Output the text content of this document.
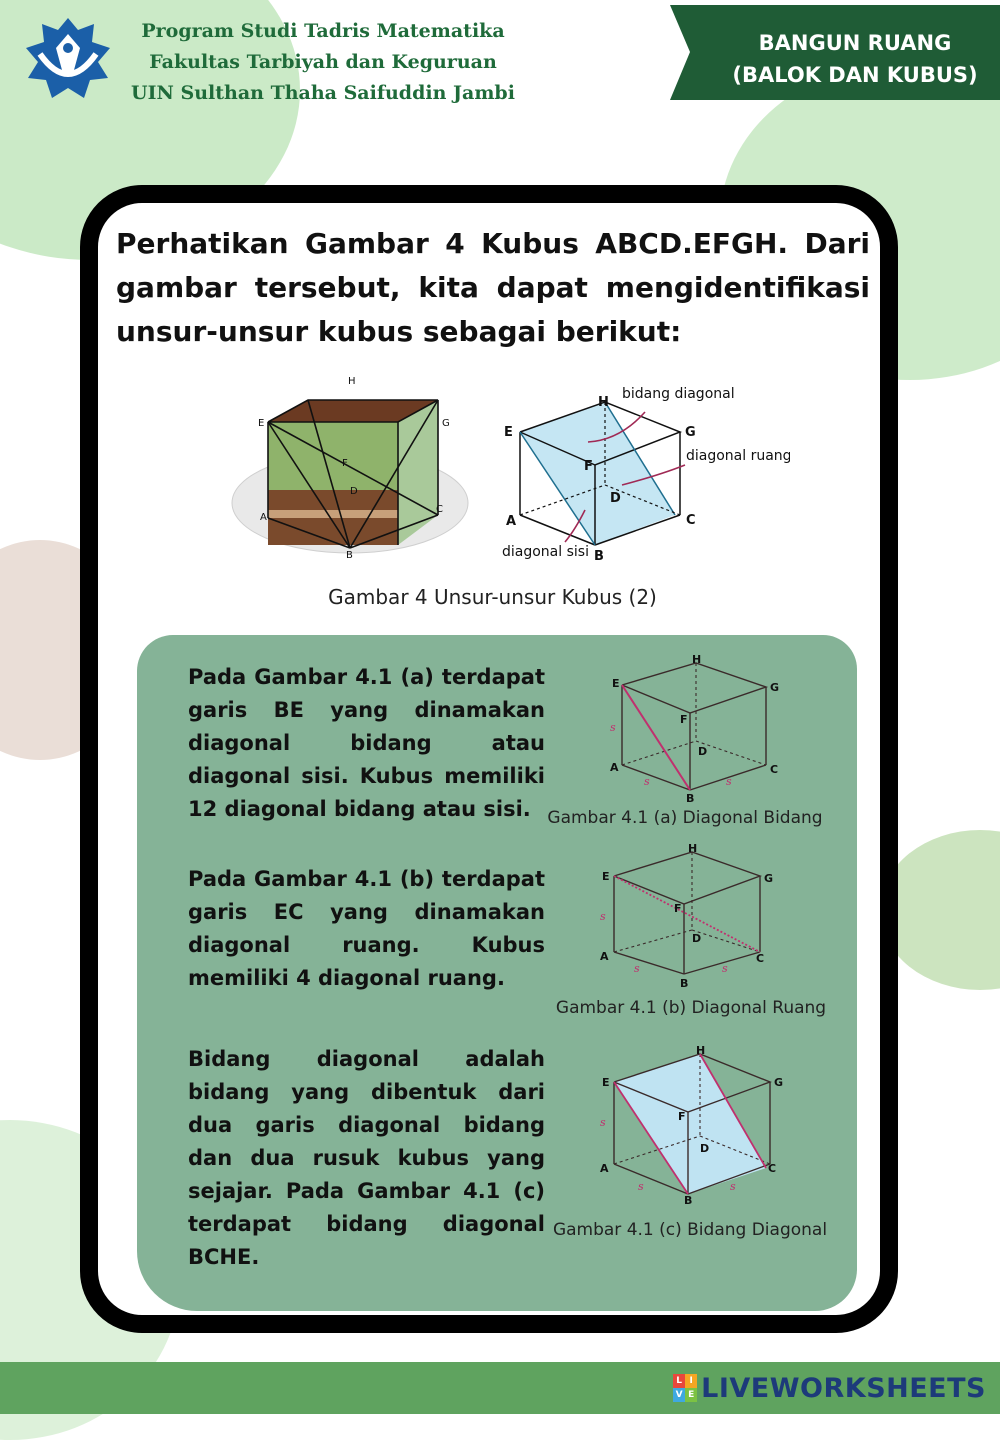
Program Studi Tadris Matematika
Fakultas Tarbiyah dan Keguruan
UIN Sulthan Thaha Saifuddin Jambi
BANGUN RUANG
(BALOK DAN KUBUS)
Perhatikan Gambar 4 Kubus ABCD.EFGH. Dari gambar tersebut, kita dapat mengidentifikasi unsur-unsur kubus sebagai berikut:
H
E	G
F
D
A
C
B
E
H
G
F
D
A	C
B
bidang diagonal
diagonal ruang
diagonal sisi
Gambar 4 Unsur-unsur Kubus (2)
Pada Gambar 4.1 (a) terdapat garis BE yang dinamakan diagonal bidang atau diagonal sisi. Kubus memiliki 12 diagonal bidang atau sisi.
E
H
G
F
D
A	C
B
s
s	s
Gambar 4.1 (a) Diagonal Bidang
Pada Gambar 4.1 (b) terdapat garis EC yang dinamakan diagonal ruang. Kubus memiliki 4 diagonal ruang.
E
H
G
F
D
A	C
B
s
s	s
Gambar 4.1 (b) Diagonal Ruang
Bidang diagonal adalah bidang yang dibentuk dari dua garis diagonal bidang dan dua rusuk kubus yang sejajar. Pada Gambar 4.1 (c) terdapat bidang diagonal BCHE.
E
H
G
F
D
A	C
B
s
s	s
Gambar 4.1 (c) Bidang Diagonal
L I
V E LIVEWORKSHEETS
